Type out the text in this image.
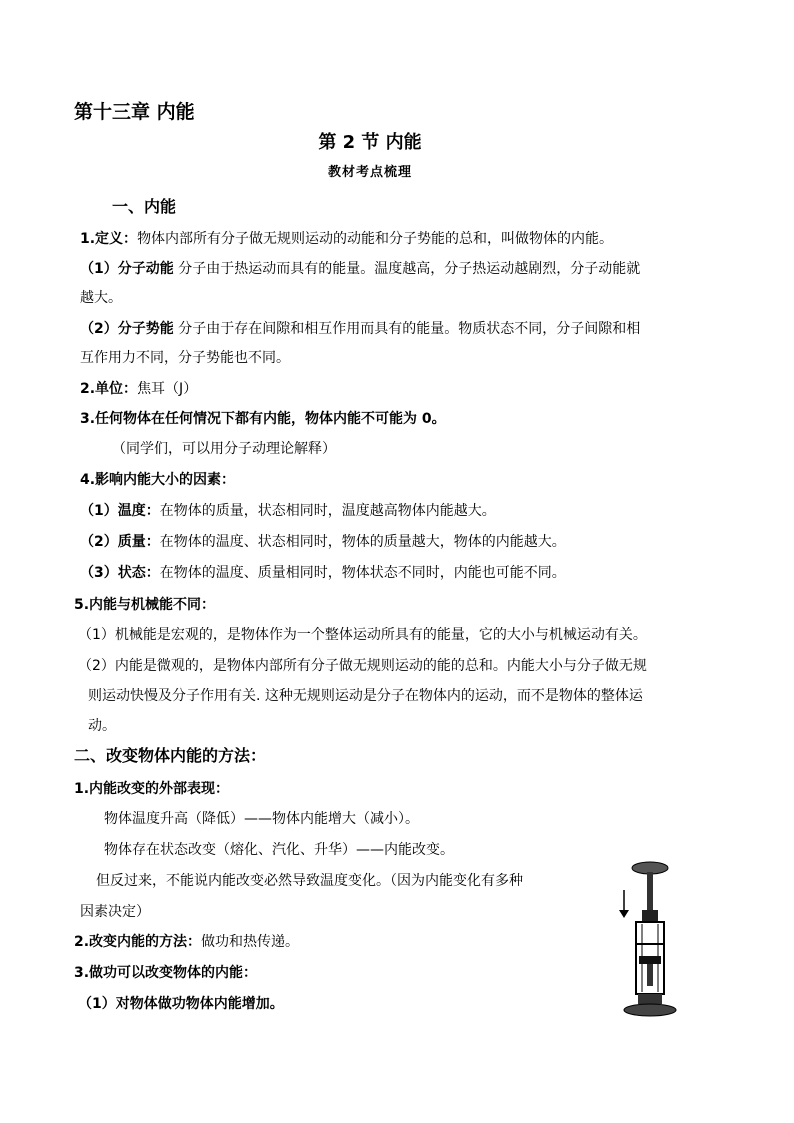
第十三章 内能
第 2 节 内能
教材考点梳理
一、内能
1.定义：物体内部所有分子做无规则运动的动能和分子势能的总和，叫做物体的内能。
（1）分子动能 分子由于热运动而具有的能量。温度越高，分子热运动越剧烈，分子动能就
越大。
（2）分子势能 分子由于存在间隙和相互作用而具有的能量。物质状态不同，分子间隙和相
互作用力不同，分子势能也不同。
2.单位：焦耳（J）
3.任何物体在任何情况下都有内能，物体内能不可能为 0。
（同学们，可以用分子动理论解释）
4.影响内能大小的因素：
（1）温度：在物体的质量，状态相同时，温度越高物体内能越大。
（2）质量：在物体的温度、状态相同时，物体的质量越大，物体的内能越大。
（3）状态：在物体的温度、质量相同时，物体状态不同时，内能也可能不同。
5.内能与机械能不同：
（1）机械能是宏观的，是物体作为一个整体运动所具有的能量，它的大小与机械运动有关。
（2）内能是微观的，是物体内部所有分子做无规则运动的能的总和。内能大小与分子做无规
则运动快慢及分子作用有关. 这种无规则运动是分子在物体内的运动，而不是物体的整体运
动。
二、改变物体内能的方法：
1.内能改变的外部表现：
物体温度升高（降低）——物体内能增大（减小）。
物体存在状态改变（熔化、汽化、升华）——内能改变。
但反过来，不能说内能改变必然导致温度变化。（因为内能变化有多种
因素决定）
2.改变内能的方法：做功和热传递。
3.做功可以改变物体的内能：
（1）对物体做功物体内能增加。
